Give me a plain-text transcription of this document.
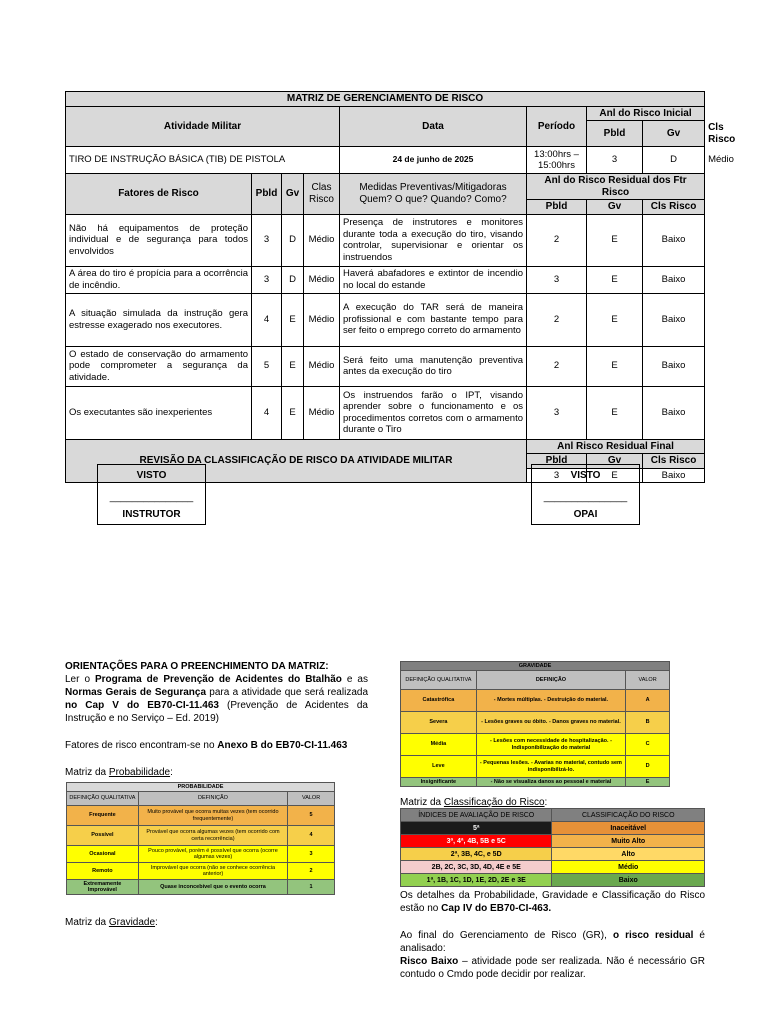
MATRIZ DE GERENCIAMENTO DE RISCO								
Atividade Militar				Data	Período	Anl do Risco Inicial		
						Pbld	Gv	Cls Risco
TIRO DE INSTRUÇÃO BÁSICA (TIB) DE PISTOLA				24 de junho de 2025	13:00hrs – 15:00hrs	3	D	Médio
Fatores de Risco	Pbld	Gv	Clas Risco	Medidas Preventivas/Mitigadoras Quem? O que? Quando? Como?	Anl do Risco Residual dos Ftr Risco			
					Pbld	Gv	Cls Risco	
Não há equipamentos de proteção individual e de segurança para todos envolvidos	3	D	Médio	Presença de instrutores e monitores durante toda a execução do tiro, visando controlar, supervisionar e orientar os instruendos	2	E	Baixo	
A área do tiro é propícia para a ocorrência de incêndio.	3	D	Médio	Haverá abafadores e extintor de incendio no local do estande	3	E	Baixo	
A situação simulada da instrução gera estresse exagerado nos executores.	4	E	Médio	A execução do TAR será de maneira profissional e com bastante tempo para ser feito o emprego correto do armamento	2	E	Baixo	
O estado de conservação do armamento pode comprometer a segurança da atividade.	5	E	Médio	Será feito uma manutenção preventiva antes da execução do tiro	2	E	Baixo	
Os executantes são inexperientes	4	E	Médio	Os instruendos farão o IPT, visando aprender sobre o funcionamento e os procedimentos corretos com o armamento durante o Tiro	3	E	Baixo	
REVISÃO DA CLASSIFICAÇÃO DE RISCO DA ATIVIDADE MILITAR					Anl Risco Residual Final			
					Pbld	Gv	Cls Risco	
					3	E	Baixo	
VISTO
_______________
INSTRUTOR
VISTO
_______________
OPAI
ORIENTAÇÕES PARA O PREENCHIMENTO DA MATRIZ:
Ler o Programa de Prevenção de Acidentes do Btalhão e as Normas Gerais de Segurança para a atividade que será realizada no Cap V do EB70-CI-11.463 (Prevenção de Acidentes da Instrução e no Serviço – Ed. 2019)
Fatores de risco encontram-se no Anexo B do EB70-CI-11.463
Matriz da Probabilidade:
PROBABILIDADE		
DEFINIÇÃO QUALITATIVA	DEFINIÇÃO	VALOR
Frequente	Muito provável que ocorra muitas vezes (tem ocorrido frequentemente)	5
Possível	Provável que ocorra algumas vezes (tem ocorrido com certa recorrência)	4
Ocasional	Pouco provável, porém é possível que ocorra (ocorre algumas vezes)	3
Remoto	Improvável que ocorra (não se conhece ocorrência anterior)	2
Extremamente Improvável	Quase inconcebível que o evento ocorra	1
Matriz da Gravidade:
GRAVIDADE		
DEFINIÇÃO QUALITATIVA	DEFINIÇÃO	VALOR
Catastrófica	- Mortes múltiplas. - Destruição do material.	A
Severa	- Lesões graves ou óbito. - Danos graves no material.	B
Média	- Lesões com necessidade de hospitalização. - Indisponibilização do material	C
Leve	- Pequenas lesões. - Avarias no material, contudo sem indisponibilizá-lo.	D
Insignificante	- Não se visualiza danos ao pessoal e material	E
Matriz da Classificação do Risco:
ÍNDICES DE AVALIAÇÃO DE RISCO	CLASSIFICAÇÃO DO RISCO
5ª	Inaceitável
3ª, 4ª, 4B, 5B e 5C	Muito Alto
2ª, 3B, 4C, e 5D	Alto
2B, 2C, 3C, 3D, 4D, 4E e 5E	Médio
1ª, 1B, 1C, 1D, 1E, 2D, 2E e 3E	Baixo
Os detalhes da Probabilidade, Gravidade e Classificação do Risco estão no Cap IV do EB70-CI-463.
Ao final do Gerenciamento de Risco (GR), o risco residual é analisado:
Risco Baixo – atividade pode ser realizada. Não é necessário GR contudo o Cmdo pode decidir por realizar.
